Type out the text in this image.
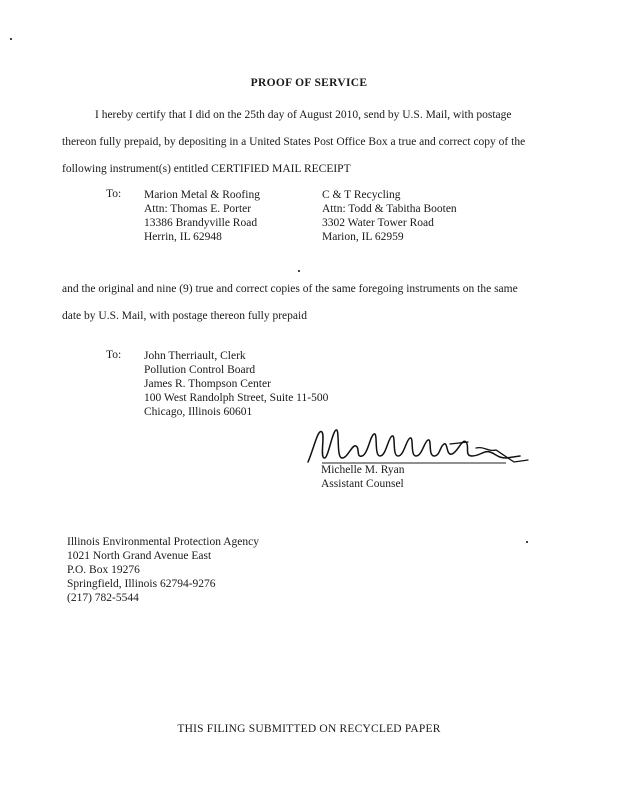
PROOF OF SERVICE
I hereby certify that I did on the 25th day of August 2010, send by U.S. Mail, with postage
thereon fully prepaid, by depositing in a United States Post Office Box a true and correct copy of the
following instrument(s) entitled CERTIFIED MAIL RECEIPT
To: Marion Metal & Roofing
Attn: Thomas E. Porter
13386 Brandyville Road
Herrin, IL 62948
C & T Recycling
Attn: Todd & Tabitha Booten
3302 Water Tower Road
Marion, IL 62959
and the original and nine (9) true and correct copies of the same foregoing instruments on the same
date by U.S. Mail, with postage thereon fully prepaid
To: John Therriault, Clerk
Pollution Control Board
James R. Thompson Center
100 West Randolph Street, Suite 11-500
Chicago, Illinois 60601
Michelle M. Ryan
Assistant Counsel
Illinois Environmental Protection Agency
1021 North Grand Avenue East
P.O. Box 19276
Springfield, Illinois 62794-9276
(217) 782-5544
THIS FILING SUBMITTED ON RECYCLED PAPER
